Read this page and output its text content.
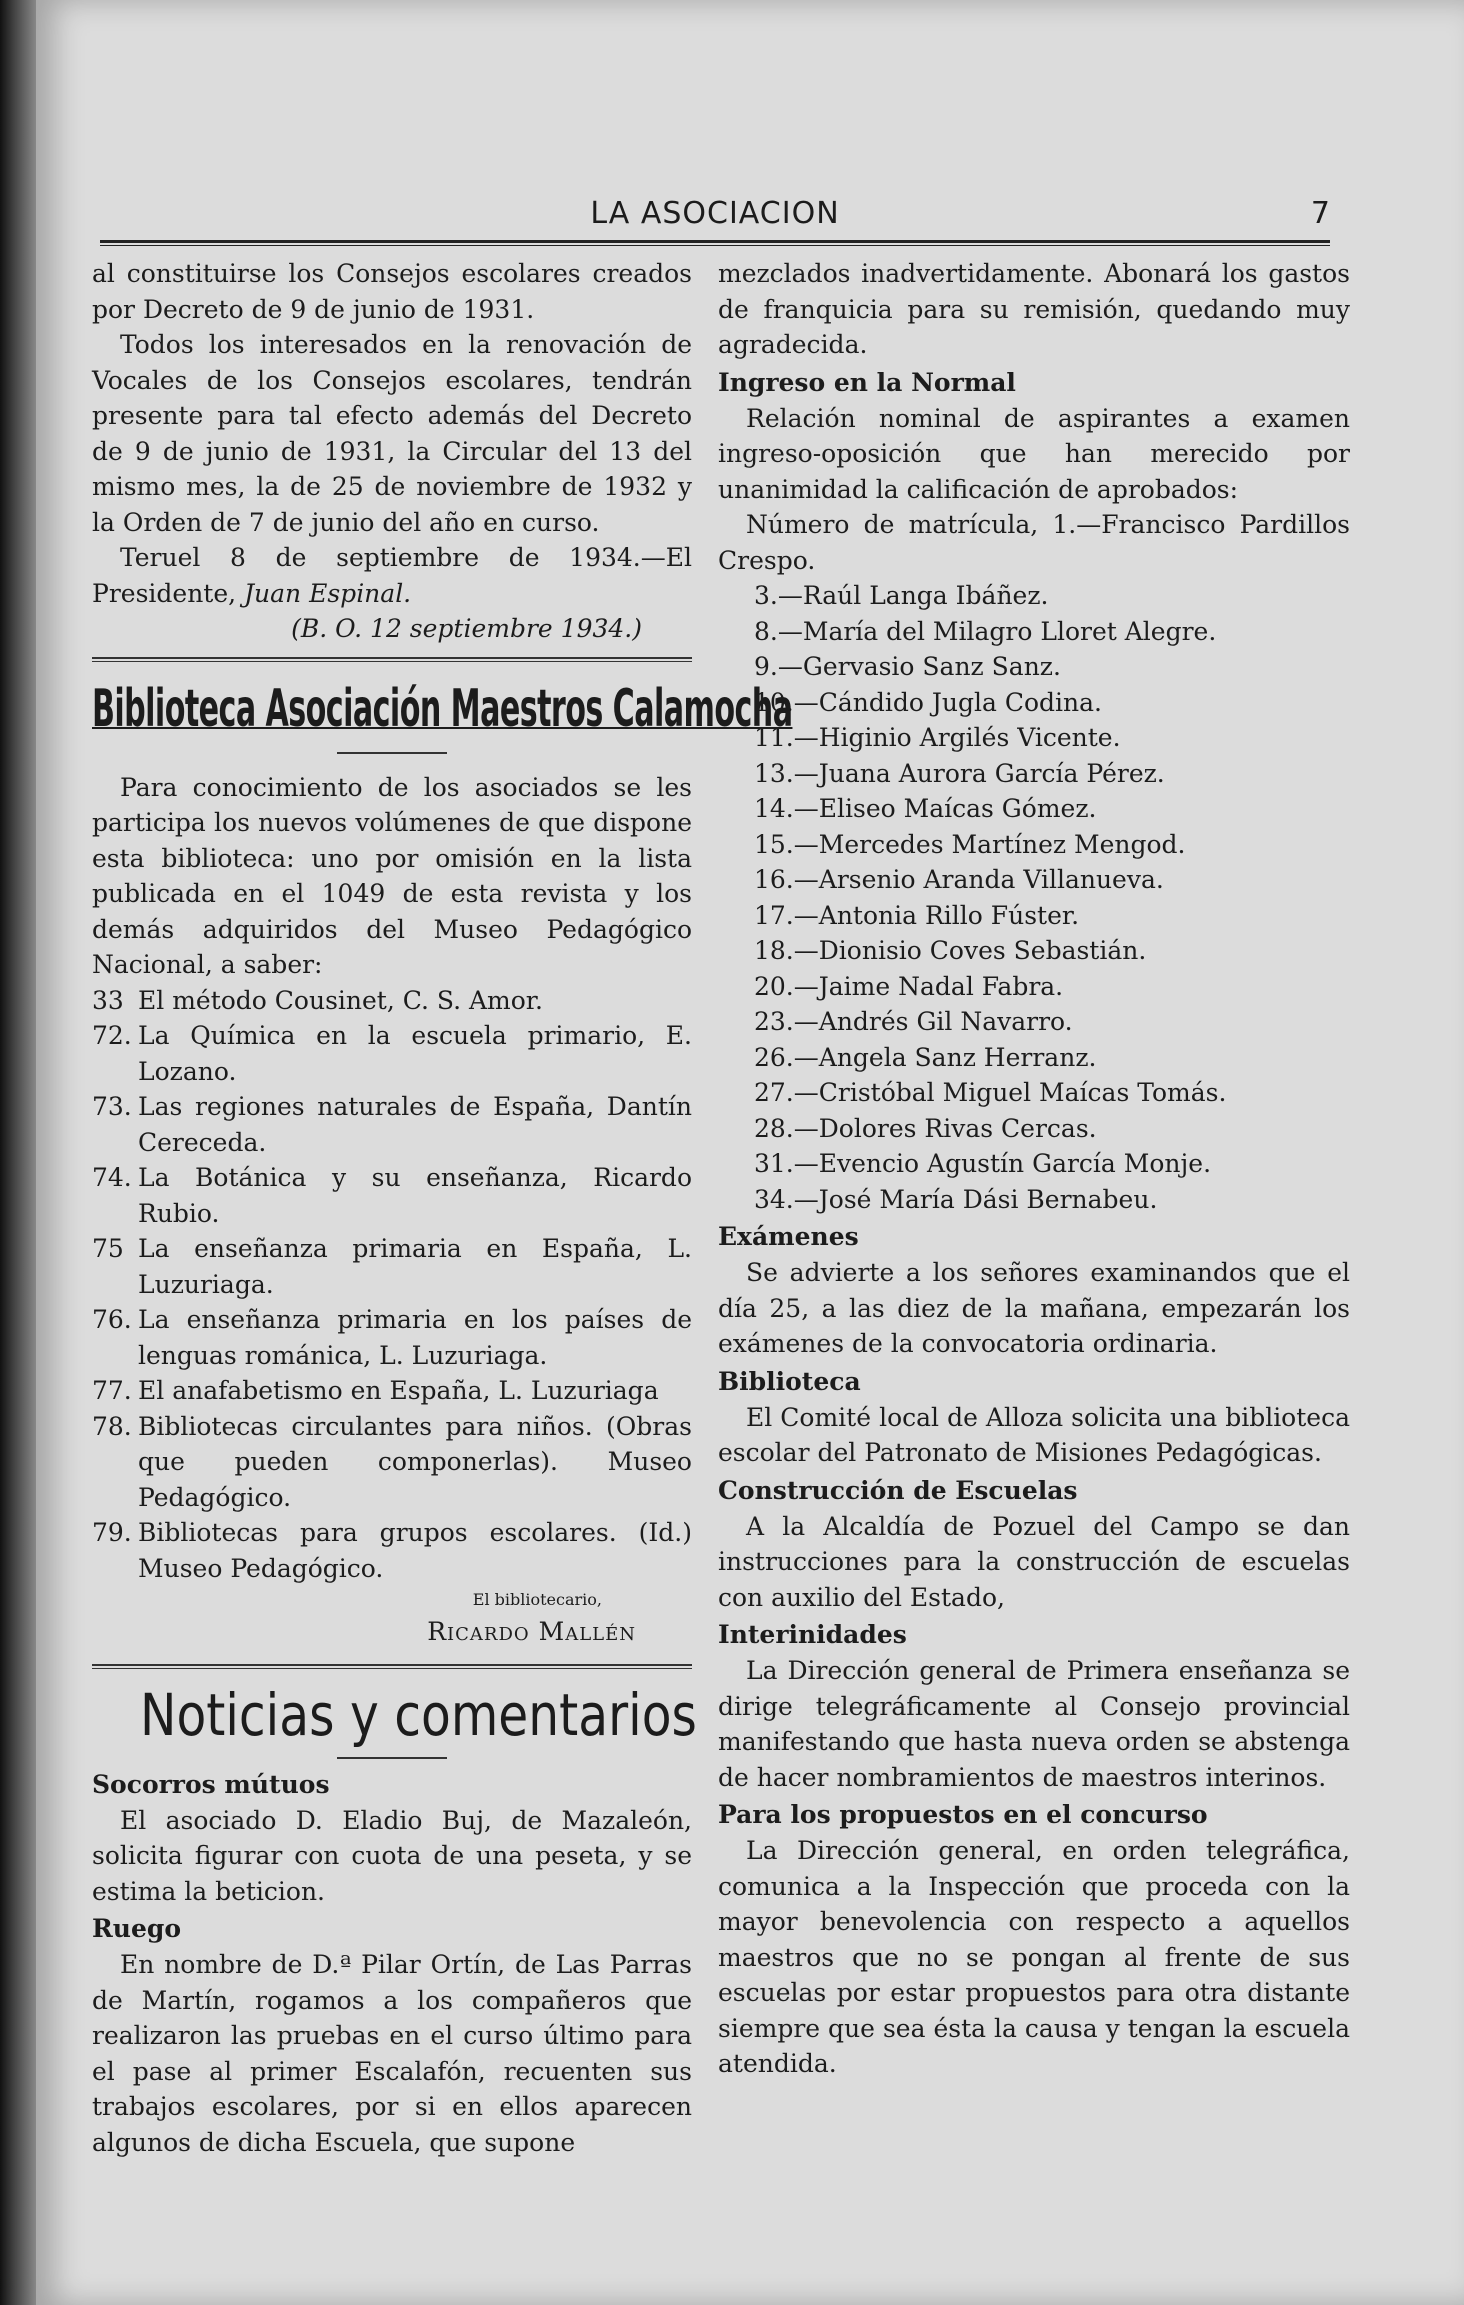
LA ASOCIACION	7

al constituirse los Consejos escolares creados por Decreto de 9 de junio de 1931.

Todos los interesados en la renovación de Vocales de los Consejos escolares, tendrán presente para tal efecto además del Decreto de 9 de junio de 1931, la Circular del 13 del mismo mes, la de 25 de noviembre de 1932 y la Orden de 7 de junio del año en curso.

Teruel 8 de septiembre de 1934.—El Presidente, Juan Espinal.

(B. O. 12 septiembre 1934.)

Biblioteca Asociación Maestros Calamocha

Para conocimiento de los asociados se les participa los nuevos volúmenes de que dispone esta biblioteca: uno por omisión en la lista publicada en el 1049 de esta revista y los demás adquiridos del Museo Pedagógico Nacional, a saber:

33 El método Cousinet, C. S. Amor.
72. La Química en la escuela primario, E. Lozano.
73. Las regiones naturales de España, Dantín Cereceda.
74. La Botánica y su enseñanza, Ricardo Rubio.
75 La enseñanza primaria en España, L. Luzuriaga.
76. La enseñanza primaria en los países de lenguas románica, L. Luzuriaga.
77. El anafabetismo en España, L. Luzuriaga
78. Bibliotecas circulantes para niños. (Obras que pueden componerlas). Museo Pedagógico.
79. Bibliotecas para grupos escolares. (Id.) Museo Pedagógico.
El bibliotecario,
Ricardo Mallén
Noticias y comentarios
Socorros mútuos

El asociado D. Eladio Buj, de Mazaleón, solicita figurar con cuota de una peseta, y se estima la beticion.

Ruego

En nombre de D.ª Pilar Ortín, de Las Parras de Martín, rogamos a los compañeros que realizaron las pruebas en el curso último para el pase al primer Escalafón, recuenten sus trabajos escolares, por si en ellos aparecen algunos de dicha Escuela, que supone

mezclados inadvertidamente. Abonará los gastos de franquicia para su remisión, quedando muy agradecida.

Ingreso en la Normal

Relación nominal de aspirantes a examen ingreso-oposición que han merecido por unanimidad la calificación de aprobados:

Número de matrícula, 1.—Francisco Pardillos Crespo.

3.—Raúl Langa Ibáñez.
8.—María del Milagro Lloret Alegre.
9.—Gervasio Sanz Sanz.
10.—Cándido Jugla Codina.
11.—Higinio Argilés Vicente.
13.—Juana Aurora García Pérez.
14.—Eliseo Maícas Gómez.
15.—Mercedes Martínez Mengod.
16.—Arsenio Aranda Villanueva.
17.—Antonia Rillo Fúster.
18.—Dionisio Coves Sebastián.
20.—Jaime Nadal Fabra.
23.—Andrés Gil Navarro.
26.—Angela Sanz Herranz.
27.—Cristóbal Miguel Maícas Tomás.
28.—Dolores Rivas Cercas.
31.—Evencio Agustín García Monje.
34.—José María Dási Bernabeu.
Exámenes

Se advierte a los señores examinandos que el día 25, a las diez de la mañana, empezarán los exámenes de la convocatoria ordinaria.

Biblioteca

El Comité local de Alloza solicita una biblioteca escolar del Patronato de Misiones Pedagógicas.

Construcción de Escuelas

A la Alcaldía de Pozuel del Campo se dan instrucciones para la construcción de escuelas con auxilio del Estado,

Interinidades

La Dirección general de Primera enseñanza se dirige telegráficamente al Consejo provincial manifestando que hasta nueva orden se abstenga de hacer nombramientos de maestros interinos.

Para los propuestos en el concurso

La Dirección general, en orden telegráfica, comunica a la Inspección que proceda con la mayor benevolencia con respecto a aquellos maestros que no se pongan al frente de sus escuelas por estar propuestos para otra distante siempre que sea ésta la causa y tengan la escuela atendida.
